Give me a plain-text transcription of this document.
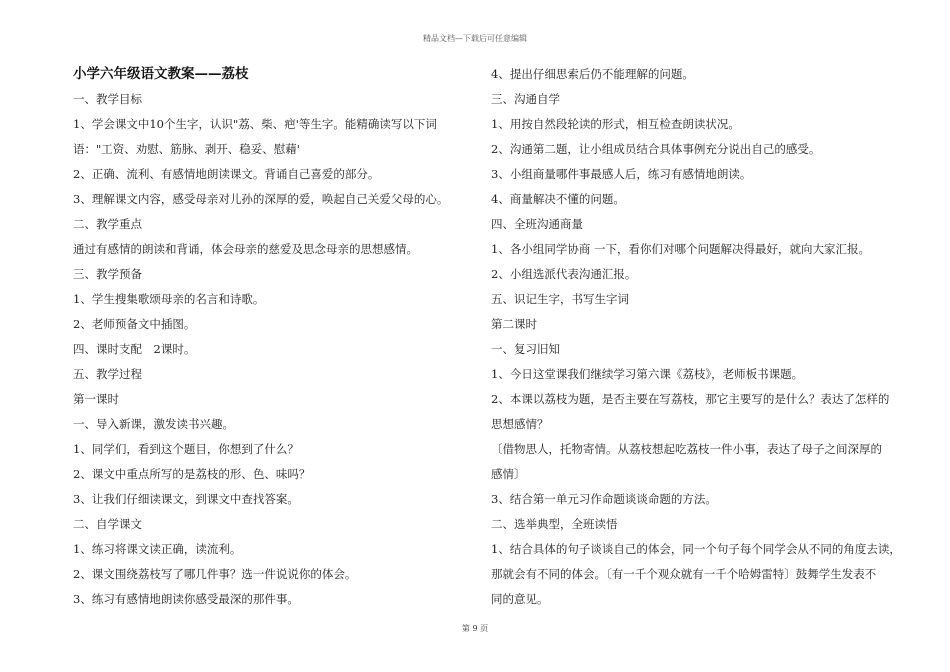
精品文档—下载后可任意编辑
小学六年级语文教案——荔枝
一、教学目标
1、学会课文中10个生字，认识"荔、柴、疤'等生字。能精确读写以下词
语："工资、劝慰、筋脉、剥开、稳妥、慰藉'
2、正确、流利、有感情地朗读课文。背诵自己喜爱的部分。
3、理解课文内容，感受母亲对儿孙的深厚的爱，唤起自己关爱父母的心。
二、教学重点
通过有感情的朗读和背诵，体会母亲的慈爱及思念母亲的思想感情。
三、教学预备
1、学生搜集歌颂母亲的名言和诗歌。
2、老师预备文中插图。
四、课时支配　2课时。
五、教学过程
第一课时
一、导入新课，激发读书兴趣。
1、同学们，看到这个题目，你想到了什么？
2、课文中重点所写的是荔枝的形、色、味吗？
3、让我们仔细读课文，到课文中查找答案。
二、自学课文
1、练习将课文读正确，读流利。
2、课文围绕荔枝写了哪几件事？选一件说说你的体会。
3、练习有感情地朗读你感受最深的那件事。
4、提出仔细思索后仍不能理解的问题。
三、沟通自学
1、用按自然段轮读的形式，相互检查朗读状况。
2、沟通第二题，让小组成员结合具体事例充分说出自己的感受。
3、小组商量哪件事最感人后，练习有感情地朗读。
4、商量解决不懂的问题。
四、全班沟通商量
1、各小组同学协商 一下，看你们对哪个问题解决得最好，就向大家汇报。
2、小组选派代表沟通汇报。
五、识记生字，书写生字词
第二课时
一、复习旧知
1、今日这堂课我们继续学习第六课《荔枝》，老师板书课题。
2、本课以荔枝为题，是否主要在写荔枝，那它主要写的是什么？表达了怎样的
思想感情？
〔借物思人，托物寄情。从荔枝想起吃荔枝一件小事，表达了母子之间深厚的
感情〕
3、结合第一单元习作命题谈谈命题的方法。
二、选举典型，全班读悟
1、结合具体的句子谈谈自己的体会，同一个句子每个同学会从不同的角度去读，
那就会有不同的体会。〔有一千个观众就有一千个哈姆雷特〕鼓舞学生发表不
同的意见。
第 9 页
